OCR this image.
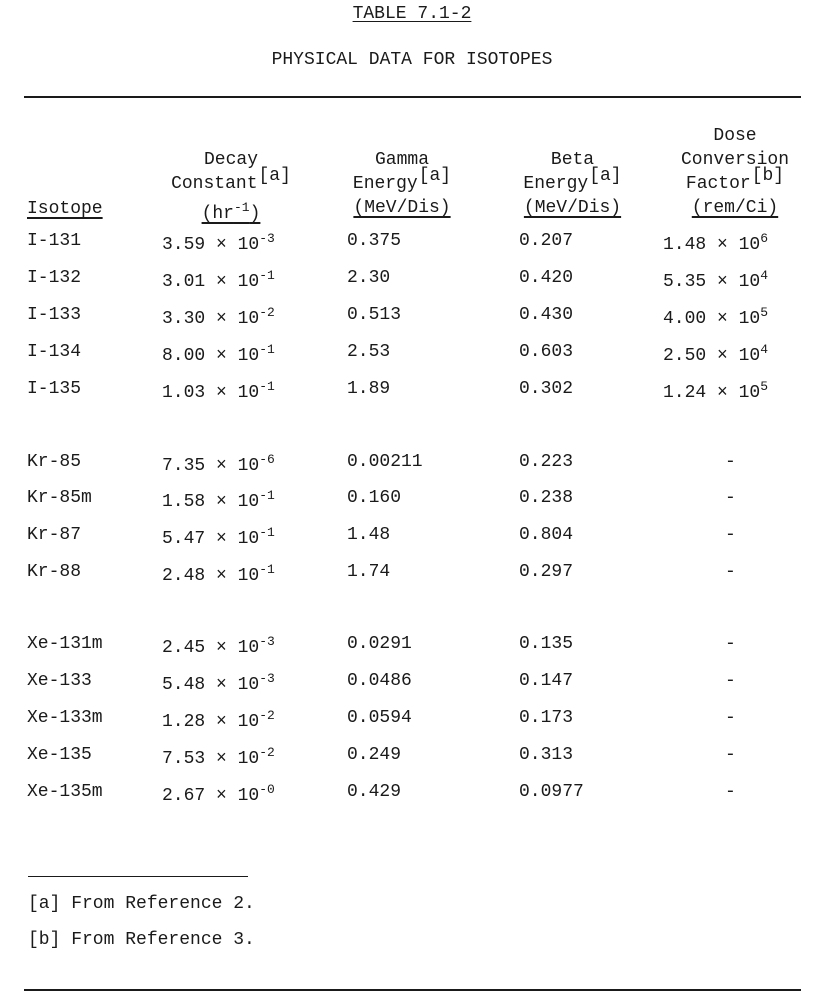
TABLE 7.1-2
PHYSICAL DATA FOR ISOTOPES
Isotope
Decay
Constant[a]
$(hr^{-1})$
Gamma
Energy[a]
(MeV/Dis)
Beta
Energy[a]
(MeV/Dis)
Dose
Conversion
Factor[b]
(rem/Ci)
I-131	$3.59 \times 10^{-3}$	0.375	0.207	$1.48 \times 10^6$
I-132	$3.01 \times 10^{-1}$	2.30	0.420	$5.35 \times 10^4$
I-133	$3.30 \times 10^{-2}$	0.513	0.430	$4.00 \times 10^5$
I-134	$8.00 \times 10^{-1}$	2.53	0.603	$2.50 \times 10^4$
I-135	$1.03 \times 10^{-1}$	1.89	0.302	$1.24 \times 10^5$
Kr-85	$7.35 \times 10^{-6}$	0.00211	0.223	-
Kr-85m	$1.58 \times 10^{-1}$	0.160	0.238	-
Kr-87	$5.47 \times 10^{-1}$	1.48	0.804	-
Kr-88	$2.48 \times 10^{-1}$	1.74	0.297	-
Xe-131m	$2.45 \times 10^{-3}$	0.0291	0.135	-
Xe-133	$5.48 \times 10^{-3}$	0.0486	0.147	-
Xe-133m	$1.28 \times 10^{-2}$	0.0594	0.173	-
Xe-135	$7.53 \times 10^{-2}$	0.249	0.313	-
Xe-135m	$2.67 \times 10^{-0}$	0.429	0.0977	-
[a] From Reference 2.
[b] From Reference 3.
